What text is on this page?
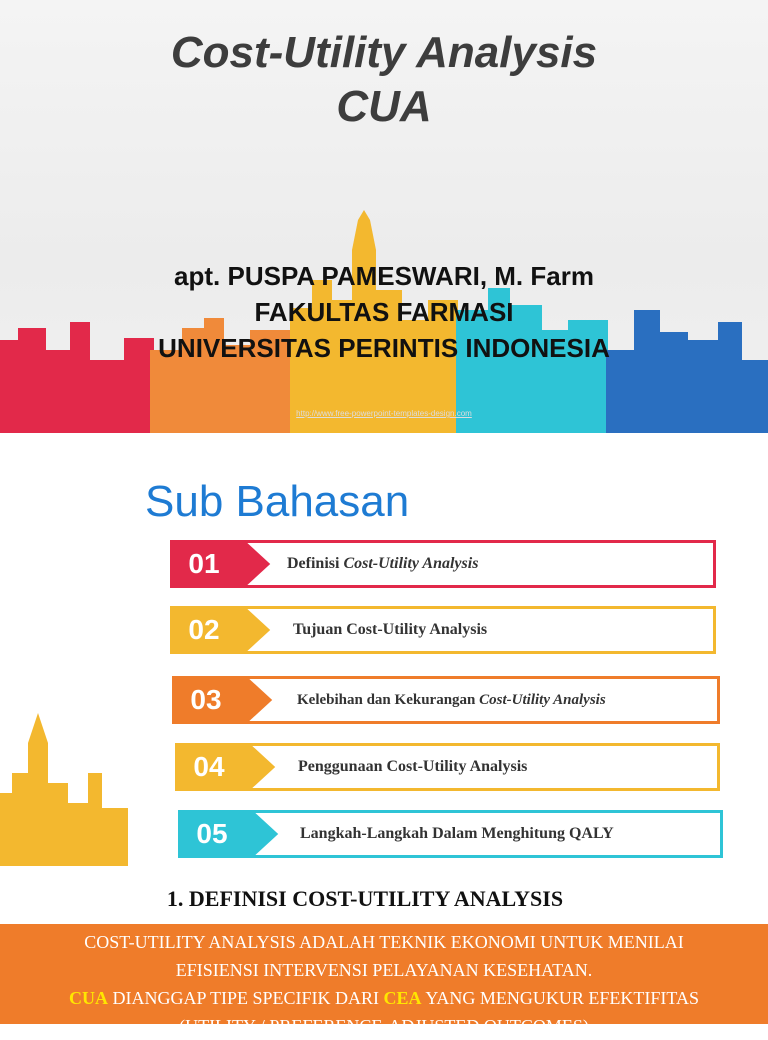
Cost-Utility Analysis
CUA
apt. PUSPA PAMESWARI, M. Farm
FAKULTAS FARMASI
UNIVERSITAS PERINTIS INDONESIA
http://www.free-powerpoint-templates-design.com
Sub Bahasan
01	Definisi Cost-Utility Analysis
02	Tujuan Cost-Utility Analysis
03	Kelebihan dan Kekurangan Cost-Utility Analysis
04	Penggunaan Cost-Utility Analysis
05	Langkah-Langkah Dalam Menghitung QALY
1. DEFINISI COST-UTILITY ANALYSIS
COST-UTILITY ANALYSIS ADALAH TEKNIK EKONOMI UNTUK MENILAI
EFISIENSI INTERVENSI PELAYANAN KESEHATAN.
CUA DIANGGAP TIPE SPECIFIK DARI CEA YANG MENGUKUR EFEKTIFITAS
(UTILITY / PREFERENCE-ADJUSTED OUTCOMES)
